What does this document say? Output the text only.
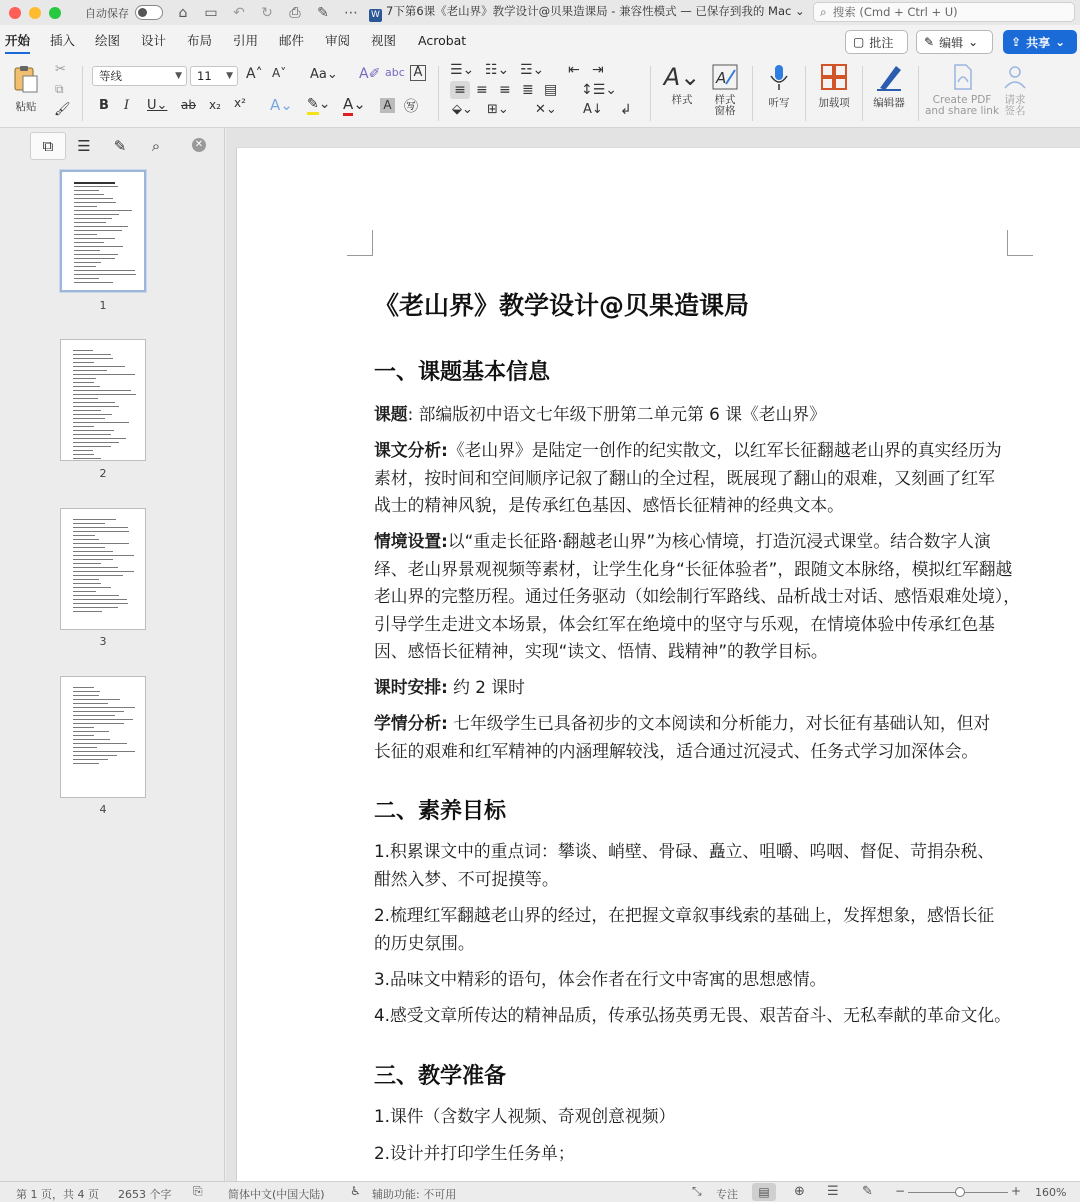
自动保存	⌂ ▭ ↶ ↻ ⎙ ✎ ⋯ W 7下第6课《老山界》教学设计@贝果造课局 - 兼容性模式 — 已保存到我的 Mac ⌄ ⌕ 搜索 (Cmd + Ctrl + U)
开始 插入 绘图 设计 布局 引用 邮件 审阅 视图 Acrobat	▢ 批注	✎ 编辑 ⌄	⇪ 共享 ⌄
粘贴
✂
⧉
🖌
等线	▼	11 ▼ A˄ A˅ Aa⌄ A✐ abc A
B I U⌄ ab x₂ x² A⌄ ✎⌄ A⌄ A ㊢
☰⌄ ☷⌄ ☲⌄ ⇤ ⇥
≡ ≡ ≡ ≣ ▤ ↕☰⌄
⬙⌄ ⊞⌄ ✕⌄ A↓ ↲
A⌄
样式
A
样式
窗格
听写	加载项	编辑器	Create PDF
and share link
请求
签名
⧉	☰	✎	⌕	✕
1
2
3
4
《老山界》教学设计@贝果造课局
一、课题基本信息
课题: 部编版初中语文七年级下册第二单元第 6 课《老山界》
课文分析:《老山界》是陆定一创作的纪实散文，以红军长征翻越老山界的真实经历为
素材，按时间和空间顺序记叙了翻山的全过程，既展现了翻山的艰难，又刻画了红军
战士的精神风貌，是传承红色基因、感悟长征精神的经典文本。
情境设置:以“重走长征路·翻越老山界”为核心情境，打造沉浸式课堂。结合数字人演
绎、老山界景观视频等素材，让学生化身“长征体验者”，跟随文本脉络，模拟红军翻越
老山界的完整历程。通过任务驱动（如绘制行军路线、品析战士对话、感悟艰难处境），
引导学生走进文本场景，体会红军在绝境中的坚守与乐观，在情境体验中传承红色基
因、感悟长征精神，实现“读文、悟情、践精神”的教学目标。
课时安排: 约 2 课时
学情分析: 七年级学生已具备初步的文本阅读和分析能力，对长征有基础认知，但对
长征的艰难和红军精神的内涵理解较浅，适合通过沉浸式、任务式学习加深体会。
二、素养目标
1.积累课文中的重点词：攀谈、峭壁、骨碌、矗立、咀嚼、呜咽、督促、苛捐杂税、
酣然入梦、不可捉摸等。
2.梳理红军翻越老山界的经过，在把握文章叙事线索的基础上，发挥想象，感悟长征
的历史氛围。
3.品味文中精彩的语句，体会作者在行文中寄寓的思想感情。
4.感受文章所传达的精神品质，传承弘扬英勇无畏、艰苦奋斗、无私奉献的革命文化。
三、教学准备
1.课件（含数字人视频、奇观创意视频）
2.设计并打印学生任务单；
第 1 页，共 4 页 2653 个字 ⎘ 简体中文(中国大陆) ♿ 辅助功能: 不可用	⤡ 专注	▤	⊕ ☰ ✎ −	+ 160%
